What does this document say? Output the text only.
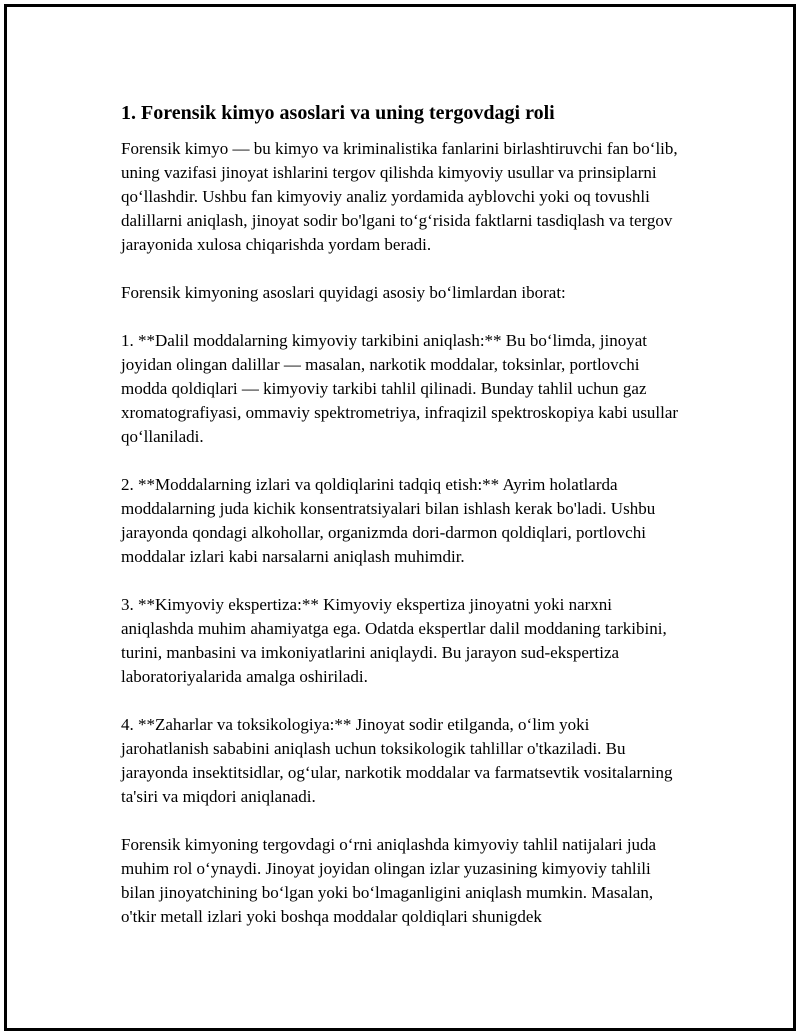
1. Forensik kimyo asoslari va uning tergovdagi roli

Forensik kimyo — bu kimyo va kriminalistika fanlarini birlashtiruvchi fan bo‘lib, uning vazifasi jinoyat ishlarini tergov qilishda kimyoviy usullar va prinsiplarni qo‘llashdir. Ushbu fan kimyoviy analiz yordamida ayblovchi yoki oq tovushli dalillarni aniqlash, jinoyat sodir bo'lgani to‘g‘risida faktlarni tasdiqlash va tergov jarayonida xulosa chiqarishda yordam beradi.

Forensik kimyoning asoslari quyidagi asosiy bo‘limlardan iborat:

1. **Dalil moddalarning kimyoviy tarkibini aniqlash:** Bu bo‘limda, jinoyat joyidan olingan dalillar — masalan, narkotik moddalar, toksinlar, portlovchi modda qoldiqlari — kimyoviy tarkibi tahlil qilinadi. Bunday tahlil uchun gaz xromatografiyasi, ommaviy spektrometriya, infraqizil spektroskopiya kabi usullar qo‘llaniladi.

2. **Moddalarning izlari va qoldiqlarini tadqiq etish:** Ayrim holatlarda moddalarning juda kichik konsentratsiyalari bilan ishlash kerak bo'ladi. Ushbu jarayonda qondagi alkohollar, organizmda dori-darmon qoldiqlari, portlovchi moddalar izlari kabi narsalarni aniqlash muhimdir.

3. **Kimyoviy ekspertiza:** Kimyoviy ekspertiza jinoyatni yoki narxni aniqlashda muhim ahamiyatga ega. Odatda ekspertlar dalil moddaning tarkibini, turini, manbasini va imkoniyatlarini aniqlaydi. Bu jarayon sud-ekspertiza laboratoriyalarida amalga oshiriladi.

4. **Zaharlar va toksikologiya:** Jinoyat sodir etilganda, o‘lim yoki jarohatlanish sababini aniqlash uchun toksikologik tahlillar o'tkaziladi. Bu jarayonda insektitsidlar, og‘ular, narkotik moddalar va farmatsevtik vositalarning ta'siri va miqdori aniqlanadi.

Forensik kimyoning tergovdagi o‘rni aniqlashda kimyoviy tahlil natijalari juda muhim rol o‘ynaydi. Jinoyat joyidan olingan izlar yuzasining kimyoviy tahlili bilan jinoyatchining bo‘lgan yoki bo‘lmaganligini aniqlash mumkin. Masalan, o'tkir metall izlari yoki boshqa moddalar qoldiqlari shunigdek
